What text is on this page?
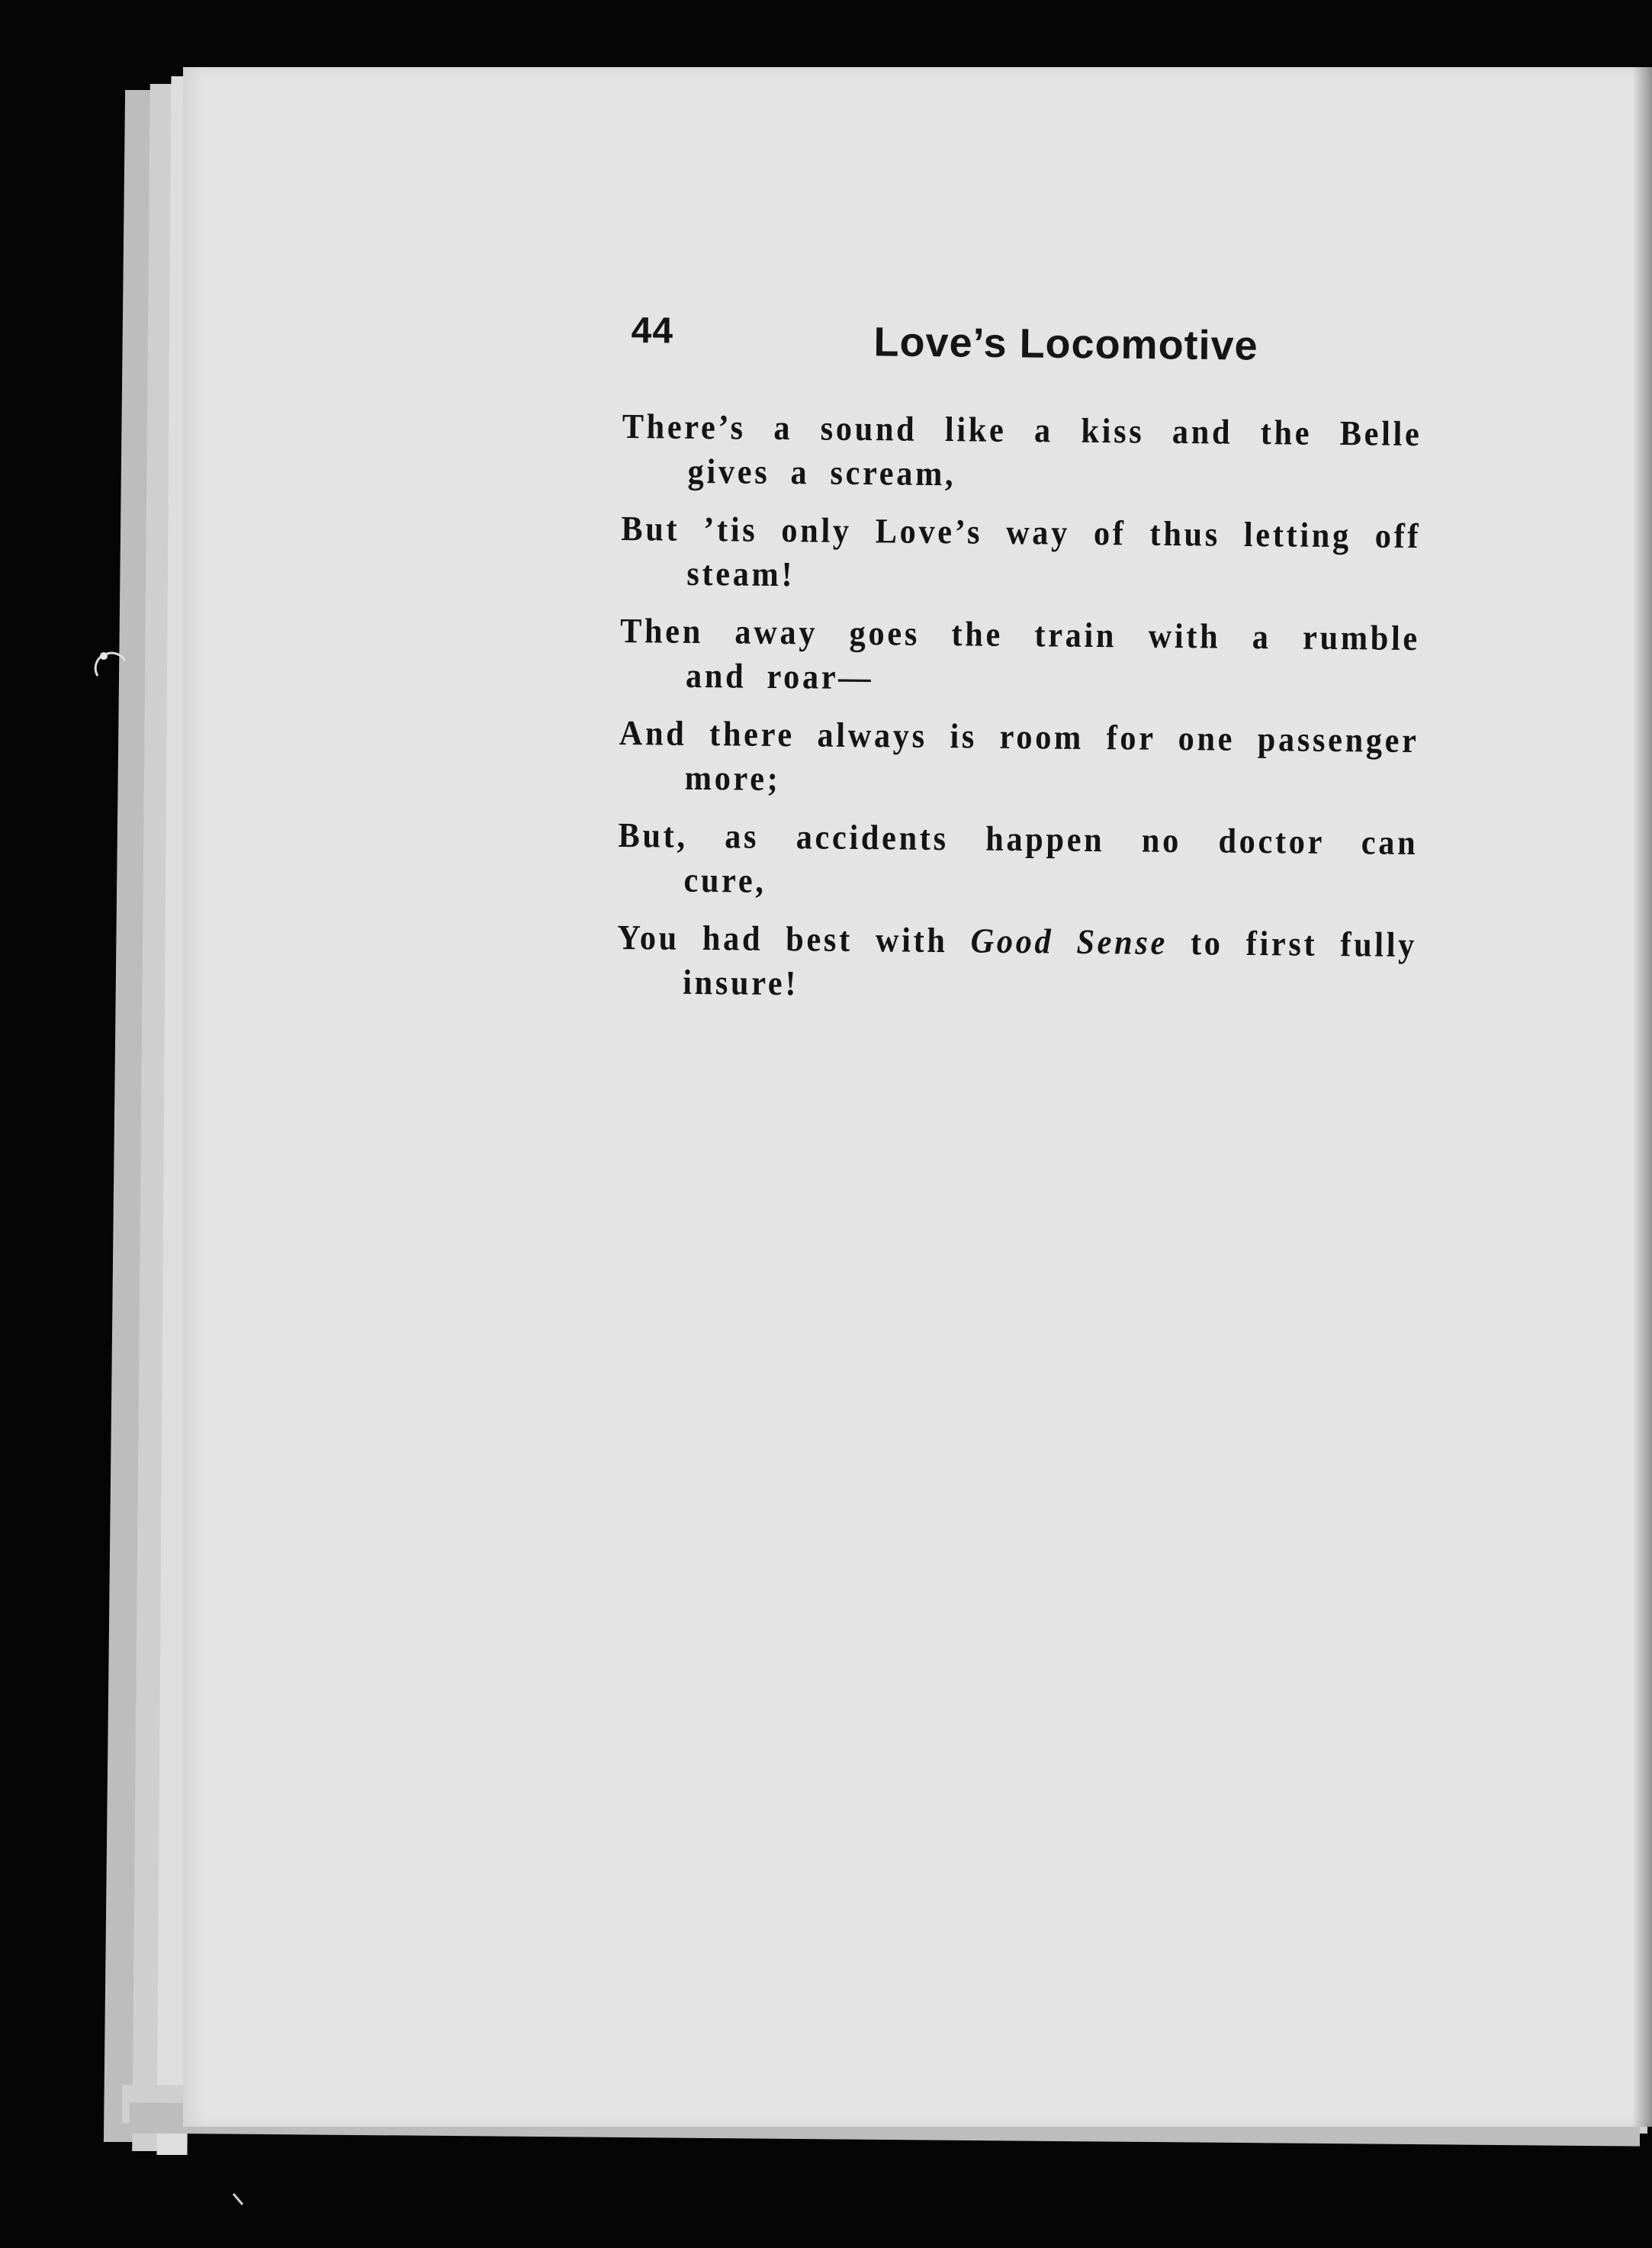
44	Love’s Locomotive

There’s a sound like a kiss and the Belle gives a scream,

But ’tis only Love’s way of thus letting off steam!

Then away goes the train with a rumble and roar—

And there always is room for one passenger more;

But, as accidents happen no doctor can cure,

You had best with Good Sense to first fully insure!
